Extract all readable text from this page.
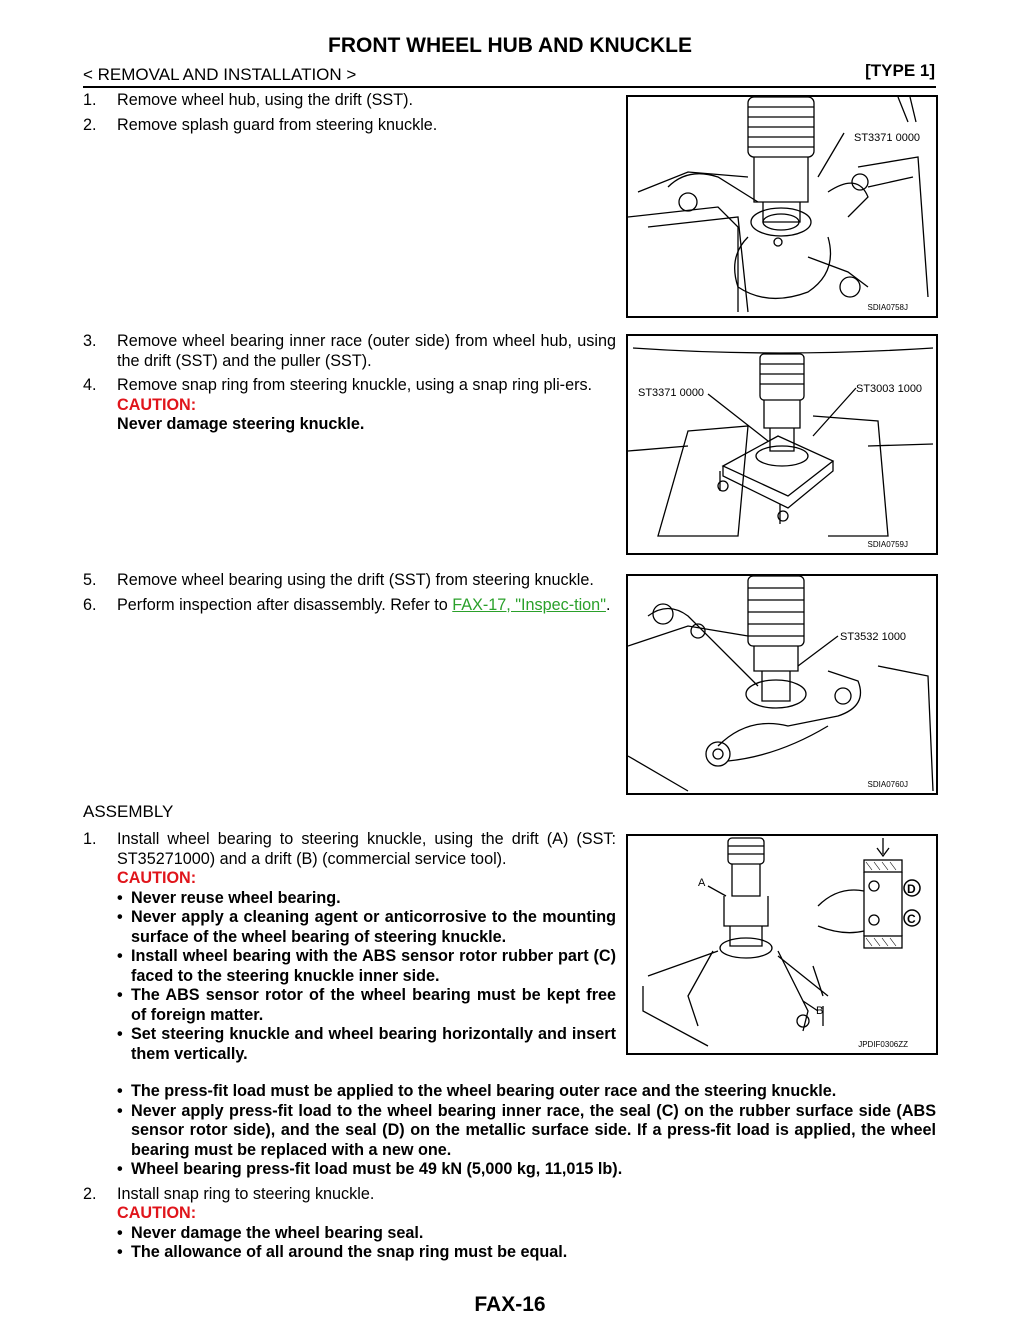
FRONT WHEEL HUB AND KNUCKLE
< REMOVAL AND INSTALLATION >	[TYPE 1]
1. Remove wheel hub, using the drift (SST).
2. Remove splash guard from steering knuckle.
3. Remove wheel bearing inner race (outer side) from wheel hub, using the drift (SST) and the puller (SST).
4. Remove snap ring from steering knuckle, using a snap ring pli-ers.
CAUTION:
Never damage steering knuckle.
5. Remove wheel bearing using the drift (SST) from steering knuckle.
6. Perform inspection after disassembly. Refer to FAX-17, "Inspec-tion".
ASSEMBLY
1. Install wheel bearing to steering knuckle, using the drift (A) (SST: ST35271000) and a drift (B) (commercial service tool).
CAUTION:
• Never reuse wheel bearing.
• Never apply a cleaning agent or anticorrosive to the mounting surface of the wheel bearing of steering knuckle.
• Install wheel bearing with the ABS sensor rotor rubber part (C) faced to the steering knuckle inner side.
• The ABS sensor rotor of the wheel bearing must be kept free of foreign matter.
• Set steering knuckle and wheel bearing horizontally and insert them vertically.
• The press-fit load must be applied to the wheel bearing outer race and the steering knuckle.
• Never apply press-fit load to the wheel bearing inner race, the seal (C) on the rubber surface side (ABS sensor rotor side), and the seal (D) on the metallic surface side. If a press-fit load is applied, the wheel bearing must be replaced with a new one.
• Wheel bearing press-fit load must be 49 kN (5,000 kg, 11,015 lb).
2. Install snap ring to steering knuckle.
CAUTION:
• Never damage the wheel bearing seal.
• The allowance of all around the snap ring must be equal.
ST3371 0000
SDIA0758J
ST3371 0000	ST3003 1000
SDIA0759J
ST3532 1000
SDIA0760J
D
C
A
B
JPDIF0306ZZ
FAX-16
